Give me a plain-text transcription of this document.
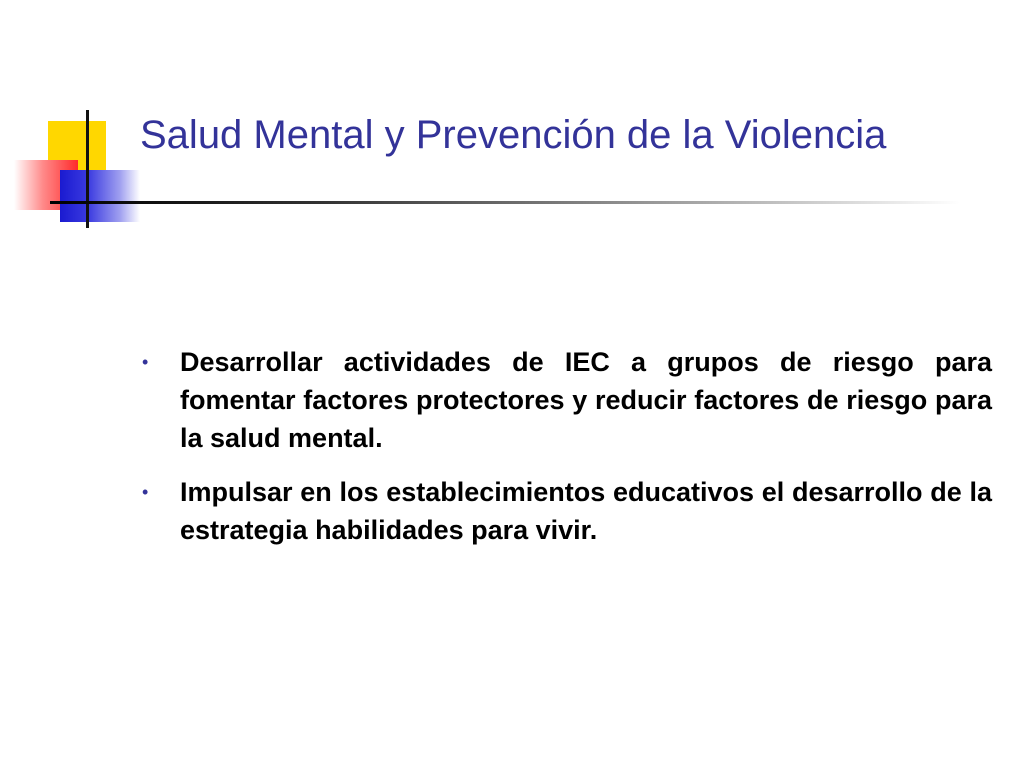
Salud Mental y Prevención de la Violencia
• Desarrollar actividades de IEC a grupos de riesgo para fomentar factores protectores y reducir factores de riesgo para la salud mental.
• Impulsar en los establecimientos educativos el desarrollo de la estrategia habilidades para vivir.
